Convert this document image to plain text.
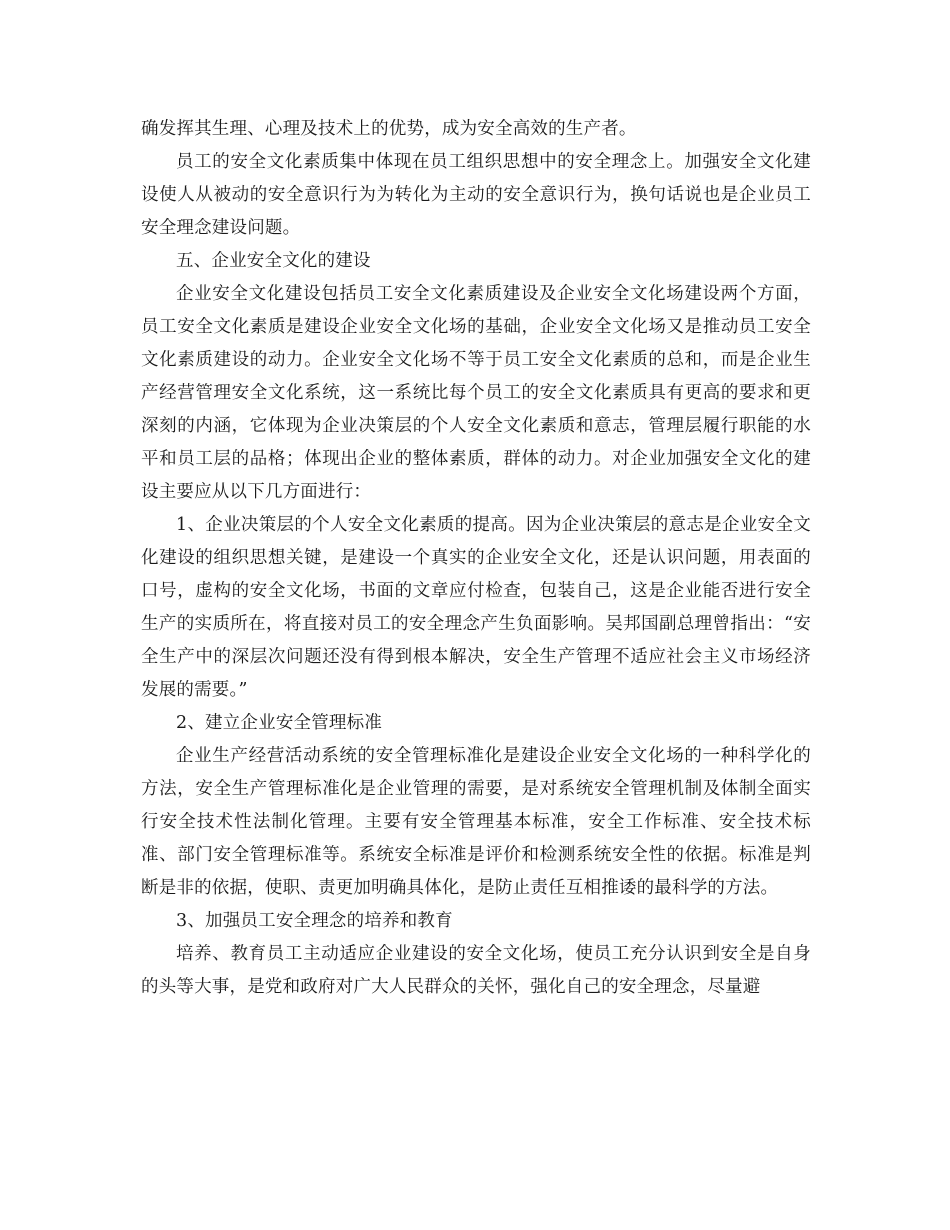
确发挥其生理、心理及技术上的优势，成为安全高效的生产者。

员工的安全文化素质集中体现在员工组织思想中的安全理念上。加强安全文化建设使人从被动的安全意识行为为转化为主动的安全意识行为，换句话说也是企业员工安全理念建设问题。

五、企业安全文化的建设

企业安全文化建设包括员工安全文化素质建设及企业安全文化场建设两个方面，员工安全文化素质是建设企业安全文化场的基础，企业安全文化场又是推动员工安全文化素质建设的动力。企业安全文化场不等于员工安全文化素质的总和，而是企业生产经营管理安全文化系统，这一系统比每个员工的安全文化素质具有更高的要求和更深刻的内涵，它体现为企业决策层的个人安全文化素质和意志，管理层履行职能的水平和员工层的品格；体现出企业的整体素质，群体的动力。对企业加强安全文化的建设主要应从以下几方面进行：

1、企业决策层的个人安全文化素质的提高。因为企业决策层的意志是企业安全文化建设的组织思想关键，是建设一个真实的企业安全文化，还是认识问题，用表面的口号，虚构的安全文化场，书面的文章应付检查，包装自己，这是企业能否进行安全生产的实质所在，将直接对员工的安全理念产生负面影响。吴邦国副总理曾指出：“安全生产中的深层次问题还没有得到根本解决，安全生产管理不适应社会主义市场经济发展的需要。”

2、建立企业安全管理标准

企业生产经营活动系统的安全管理标准化是建设企业安全文化场的一种科学化的方法，安全生产管理标准化是企业管理的需要，是对系统安全管理机制及体制全面实行安全技术性法制化管理。主要有安全管理基本标准，安全工作标准、安全技术标准、部门安全管理标准等。系统安全标准是评价和检测系统安全性的依据。标准是判断是非的依据，使职、责更加明确具体化，是防止责任互相推诿的最科学的方法。

3、加强员工安全理念的培养和教育

培养、教育员工主动适应企业建设的安全文化场，使员工充分认识到安全是自身的头等大事，是党和政府对广大人民群众的关怀，强化自己的安全理念，尽量避
